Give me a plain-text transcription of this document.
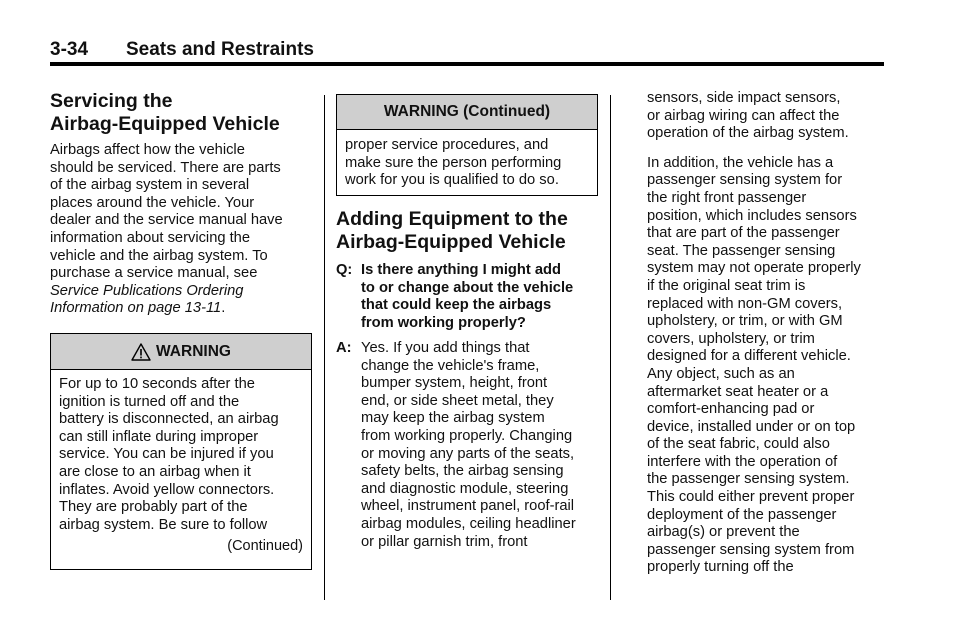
3-34 Seats and Restraints
Servicing the
Airbag-Equipped Vehicle
Airbags affect how the vehicle
should be serviced. There are parts
of the airbag system in several
places around the vehicle. Your
dealer and the service manual have
information about servicing the
vehicle and the airbag system. To
purchase a service manual, see
Service Publications Ordering
Information on page 13-11.
WARNING
For up to 10 seconds after the
ignition is turned off and the
battery is disconnected, an airbag
can still inflate during improper
service. You can be injured if you
are close to an airbag when it
inflates. Avoid yellow connectors.
They are probably part of the
airbag system. Be sure to follow
(Continued)
WARNING (Continued)
proper service procedures, and
make sure the person performing
work for you is qualified to do so.
Adding Equipment to the
Airbag-Equipped Vehicle
Q: Is there anything I might add
to or change about the vehicle
that could keep the airbags
from working properly?
A: Yes. If you add things that
change the vehicle's frame,
bumper system, height, front
end, or side sheet metal, they
may keep the airbag system
from working properly. Changing
or moving any parts of the seats,
safety belts, the airbag sensing
and diagnostic module, steering
wheel, instrument panel, roof-rail
airbag modules, ceiling headliner
or pillar garnish trim, front

sensors, side impact sensors,
or airbag wiring can affect the
operation of the airbag system.

In addition, the vehicle has a
passenger sensing system for
the right front passenger
position, which includes sensors
that are part of the passenger
seat. The passenger sensing
system may not operate properly
if the original seat trim is
replaced with non-GM covers,
upholstery, or trim, or with GM
covers, upholstery, or trim
designed for a different vehicle.
Any object, such as an
aftermarket seat heater or a
comfort-enhancing pad or
device, installed under or on top
of the seat fabric, could also
interfere with the operation of
the passenger sensing system.
This could either prevent proper
deployment of the passenger
airbag(s) or prevent the
passenger sensing system from
properly turning off the
